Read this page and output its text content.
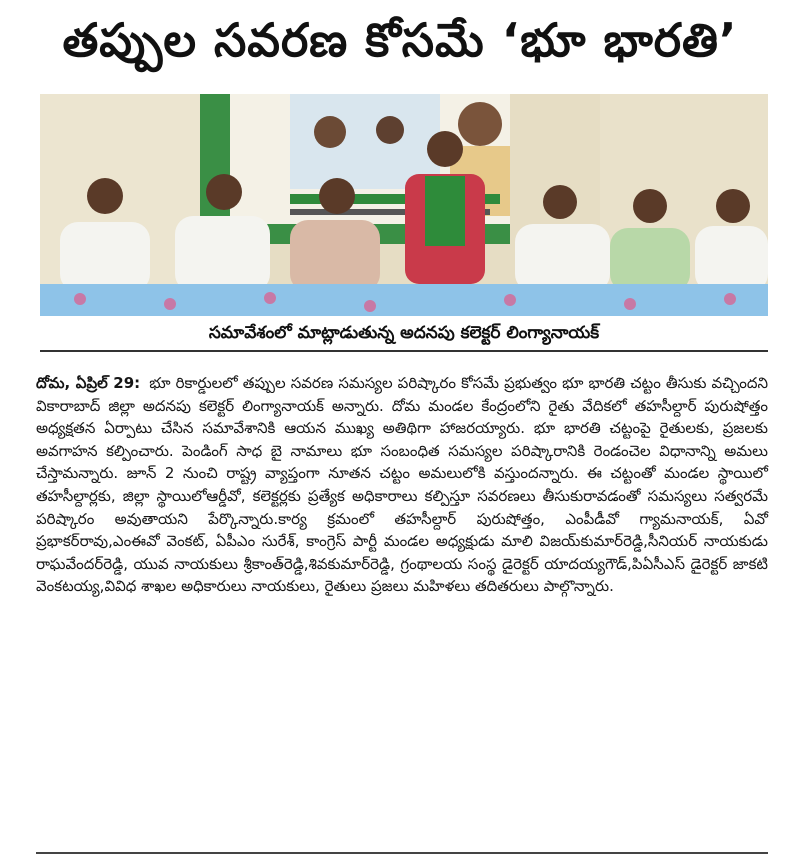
తప్పుల సవరణ కోసమే ‘భూ భారతి’
సమావేశంలో మాట్లాడుతున్న అదనపు కలెక్టర్ లింగ్యానాయక్
దోమ, ఏప్రిల్ 29: భూ రికార్డులలో తప్పుల సవరణ సమస్యల పరిష్కారం కోసమే ప్రభుత్వం భూ భారతి చట్టం తీసుకు వచ్చిందని వికారాబాద్ జిల్లా అదనపు కలెక్టర్ లింగ్యానాయక్ అన్నారు. దోమ మండల కేంద్రంలోని రైతు వేదికలో తహసీల్దార్ పురుషోత్తం అధ్యక్షతన ఏర్పాటు చేసిన సమావేశానికి ఆయన ముఖ్య అతిథిగా హాజరయ్యారు. భూ భారతి చట్టంపై రైతులకు, ప్రజలకు అవగాహన కల్పించారు. పెండింగ్ సాధ బై నామాలు భూ సంబంధిత సమస్యల పరిష్కారానికి రెండంచెల విధానాన్ని అమలు చేస్తామన్నారు. జూన్ 2 నుంచి రాష్ట్ర వ్యాప్తంగా నూతన చట్టం అమలులోకి వస్తుందన్నారు. ఈ చట్టంతో మండల స్థాయిలో తహసీల్దార్లకు, జిల్లా స్థాయిలోఆర్డీవో, కలెక్టర్లకు ప్రత్యేక అధికారాలు కల్పిస్తూ సవరణలు తీసుకురావడంతో సమస్యలు సత్వరమే పరిష్కారం అవుతాయని పేర్కొన్నారు.కార్య క్రమంలో తహసీల్దార్ పురుషోత్తం, ఎంపీడీవో గ్యామనాయక్, ఏవో ప్రభాకర్‌రావు,ఎంఈవో వెంకట్, ఏపీఎం సురేశ్, కాంగ్రెస్ పార్టీ మండల అధ్యక్షుడు మాలి విజయ్‌కుమార్‌రెడ్డి,సీనియర్ నాయకుడు రాఘవేందర్‌రెడ్డి, యువ నాయకులు శ్రీకాంత్‌రెడ్డి,శివకుమార్‌రెడ్డి, గ్రంథాలయ సంస్థ డైరెక్టర్ యాదయ్యగౌడ్,పిఏసీఎస్ డైరెక్టర్ జాకటి వెంకటయ్య,వివిధ శాఖల అధికారులు నాయకులు, రైతులు ప్రజలు మహిళలు తదితరులు పాల్గొన్నారు.
